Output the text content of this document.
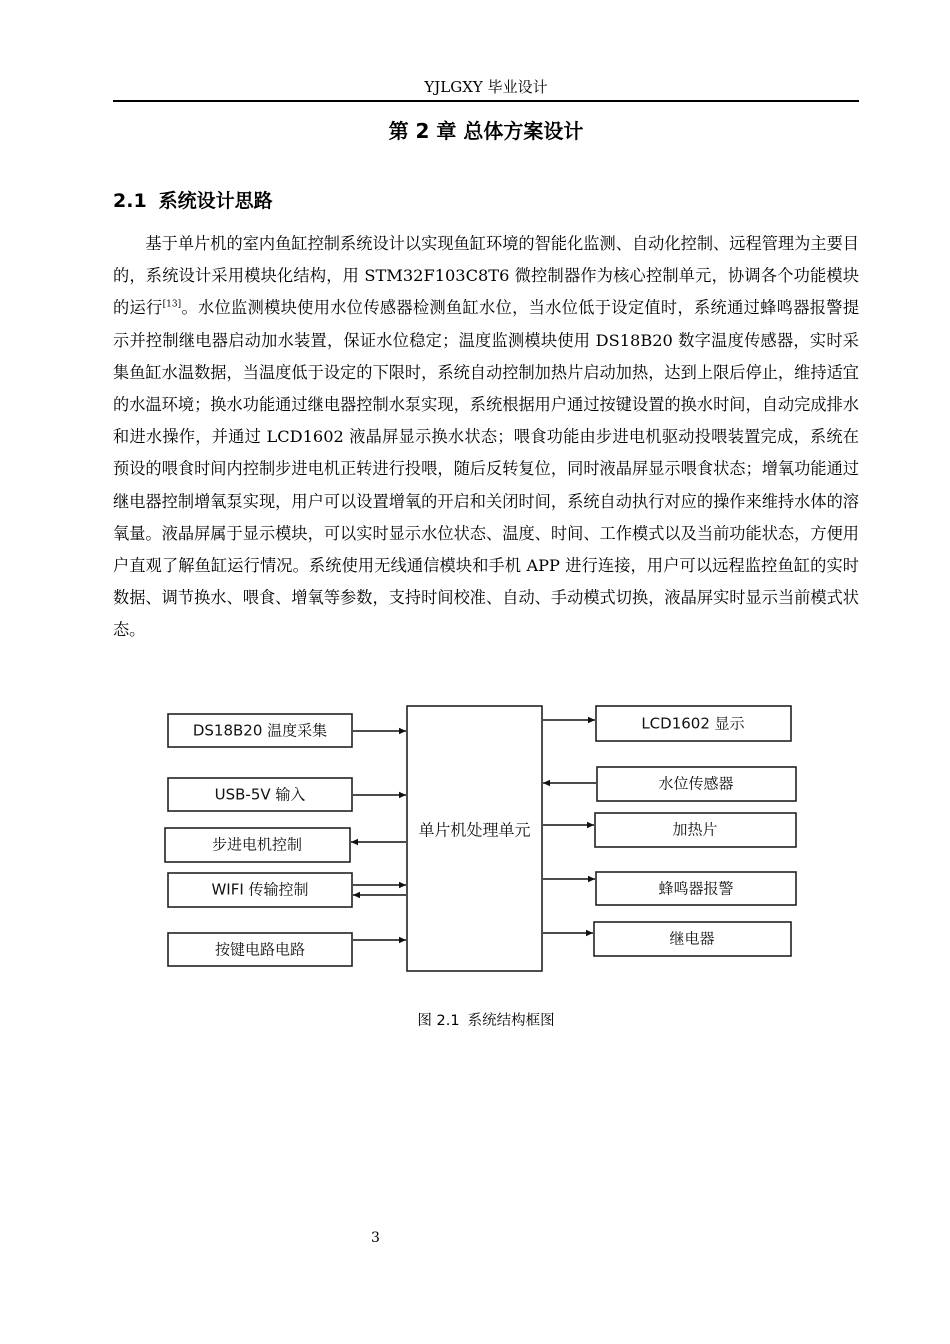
YJLGXY 毕业设计
第 2 章 总体方案设计
2.1 系统设计思路

基于单片机的室内鱼缸控制系统设计以实现鱼缸环境的智能化监测、自动化控制、远程管理为主要目的，系统设计采用模块化结构，用 STM32F103C8T6 微控制器作为核心控制单元，协调各个功能模块的运行[13]。水位监测模块使用水位传感器检测鱼缸水位，当水位低于设定值时，系统通过蜂鸣器报警提示并控制继电器启动加水装置，保证水位稳定；温度监测模块使用 DS18B20 数字温度传感器，实时采集鱼缸水温数据，当温度低于设定的下限时，系统自动控制加热片启动加热，达到上限后停止，维持适宜的水温环境；换水功能通过继电器控制水泵实现，系统根据用户通过按键设置的换水时间，自动完成排水和进水操作，并通过 LCD1602 液晶屏显示换水状态；喂食功能由步进电机驱动投喂装置完成，系统在预设的喂食时间内控制步进电机正转进行投喂，随后反转复位，同时液晶屏显示喂食状态；增氧功能通过继电器控制增氧泵实现，用户可以设置增氧的开启和关闭时间，系统自动执行对应的操作来维持水体的溶氧量。液晶屏属于显示模块，可以实时显示水位状态、温度、时间、工作模式以及当前功能状态，方便用户直观了解鱼缸运行情况。系统使用无线通信模块和手机 APP 进行连接，用户可以远程监控鱼缸的实时数据、调节换水、喂食、增氧等参数，支持时间校准、自动、手动模式切换，液晶屏实时显示当前模式状态。

单片机处理单元
DS18B20 温度采集
USB-5V 输入
步进电机控制
WIFI 传输控制
按键电路电路
LCD1602 显示
水位传感器
加热片
蜂鸣器报警
继电器
图 2.1 系统结构框图
3
